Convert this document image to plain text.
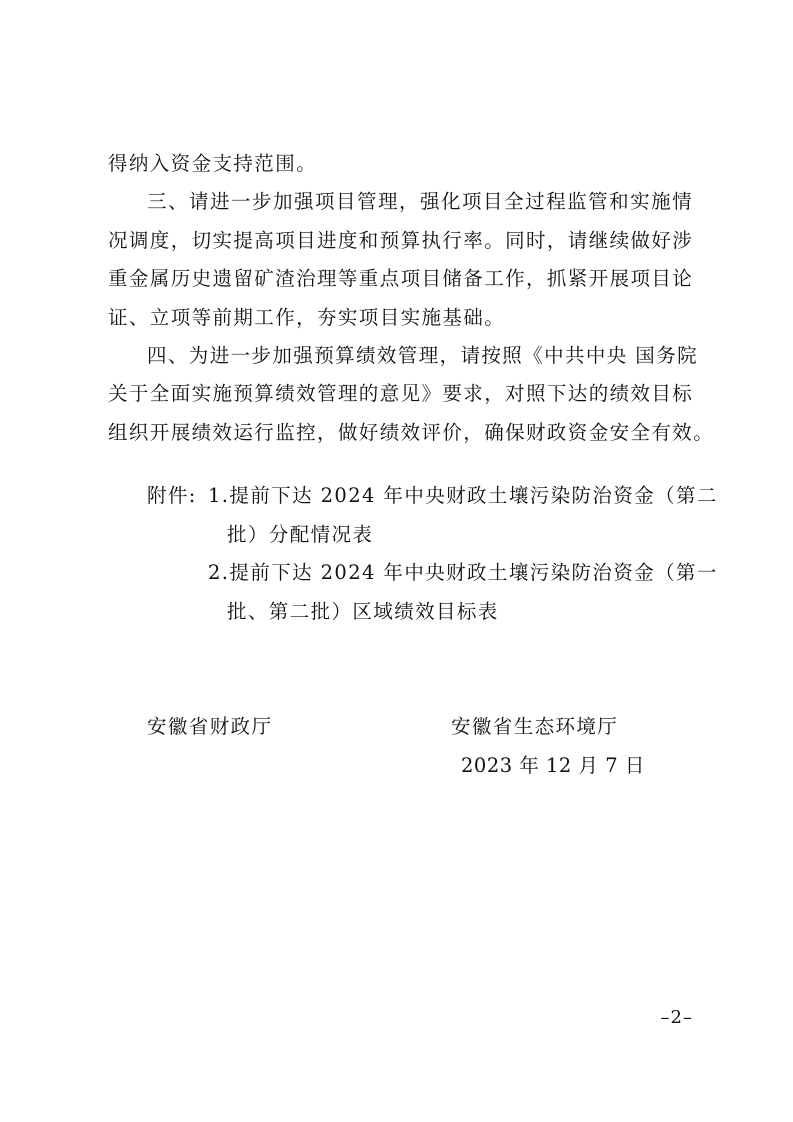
得纳入资金支持范围。
三、请进一步加强项目管理，强化项目全过程监管和实施情
况调度，切实提高项目进度和预算执行率。同时，请继续做好涉
重金属历史遗留矿渣治理等重点项目储备工作，抓紧开展项目论
证、立项等前期工作，夯实项目实施基础。
四、为进一步加强预算绩效管理，请按照《中共中央 国务院
关于全面实施预算绩效管理的意见》要求，对照下达的绩效目标
组织开展绩效运行监控，做好绩效评价，确保财政资金安全有效。
附件: 1.提前下达 2024 年中央财政土壤污染防治资金（第二
批）分配情况表
2.提前下达 2024 年中央财政土壤污染防治资金（第一
批、第二批）区域绩效目标表
安徽省财政厅	安徽省生态环境厅
2023 年 12 月 7 日
–2–
